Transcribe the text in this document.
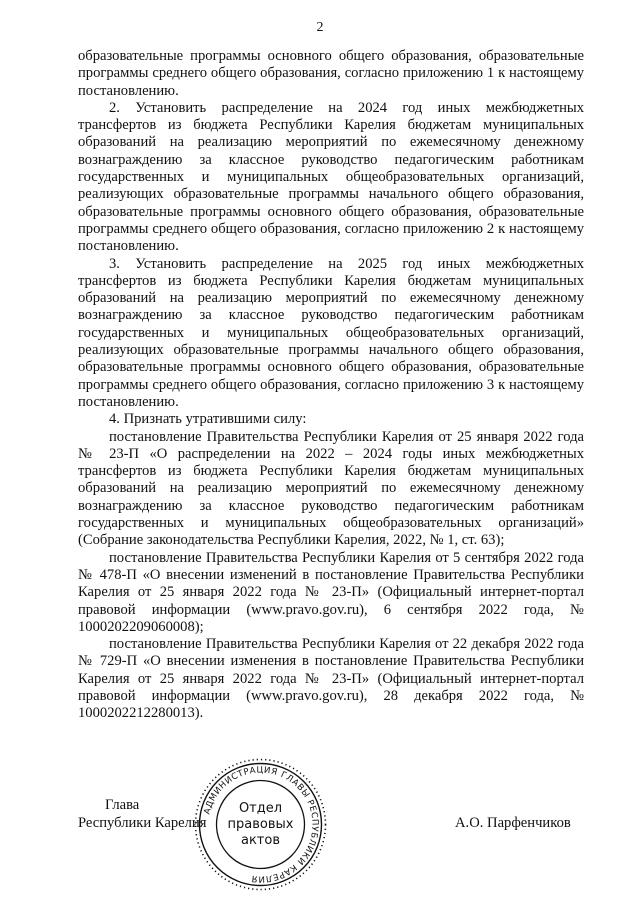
2

образовательные программы основного общего образования, образовательные программы среднего общего образования, согласно приложению 1 к настоящему постановлению.

2. Установить распределение на 2024 год иных межбюджетных трансфертов из бюджета Республики Карелия бюджетам муниципальных образований на реализацию мероприятий по ежемесячному денежному вознаграждению за классное руководство педагогическим работникам государственных и муниципальных общеобразовательных организаций, реализующих образовательные программы начального общего образования, образовательные программы основного общего образования, образовательные программы среднего общего образования, согласно приложению 2 к настоящему постановлению.

3. Установить распределение на 2025 год иных межбюджетных трансфертов из бюджета Республики Карелия бюджетам муниципальных образований на реализацию мероприятий по ежемесячному денежному вознаграждению за классное руководство педагогическим работникам государственных и муниципальных общеобразовательных организаций, реализующих образовательные программы начального общего образования, образовательные программы основного общего образования, образовательные программы среднего общего образования, согласно приложению 3 к настоящему постановлению.

4. Признать утратившими силу:

постановление Правительства Республики Карелия от 25 января 2022 года № 23-П «О распределении на 2022 – 2024 годы иных межбюджетных трансфертов из бюджета Республики Карелия бюджетам муниципальных образований на реализацию мероприятий по ежемесячному денежному вознаграждению за классное руководство педагогическим работникам государственных и муниципальных общеобразовательных организаций» (Собрание законодательства Республики Карелия, 2022, № 1, ст. 63);

постановление Правительства Республики Карелия от 5 сентября 2022 года № 478-П «О внесении изменений в постановление Правительства Республики Карелия от 25 января 2022 года № 23-П» (Официальный интернет-портал правовой информации (www.pravo.gov.ru), 6 сентября 2022 года, № 1000202209060008);

постановление Правительства Республики Карелия от 22 декабря 2022 года № 729-П «О внесении изменения в постановление Правительства Республики Карелия от 25 января 2022 года № 23-П» (Официальный интернет-портал правовой информации (www.pravo.gov.ru), 28 декабря 2022 года, № 1000202212280013).

Глава
Республики Карелия	А.О. Парфенчиков
АДМИНИСТРАЦИЯ ГЛАВЫ РЕСПУБЛИКИ КАРЕЛИЯ
Отдел
правовых
актов
